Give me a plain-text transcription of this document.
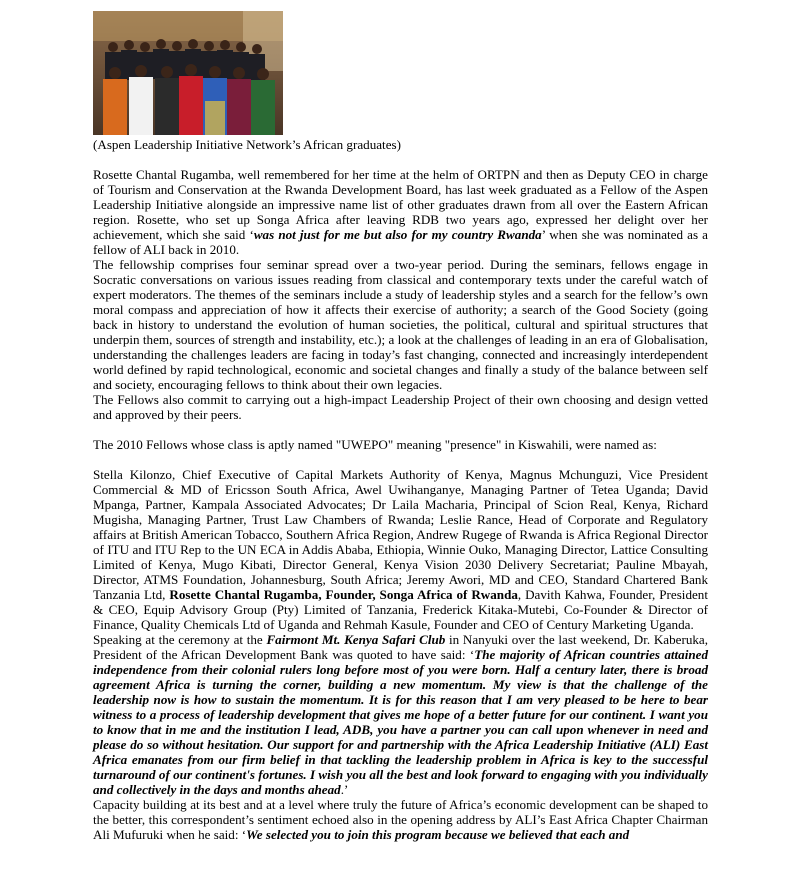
(Aspen Leadership Initiative Network’s African graduates)

Rosette Chantal Rugamba, well remembered for her time at the helm of ORTPN and then as Deputy CEO in charge of Tourism and Conservation at the Rwanda Development Board, has last week graduated as a Fellow of the Aspen Leadership Initiative alongside an impressive name list of other graduates drawn from all over the Eastern African region. Rosette, who set up Songa Africa after leaving RDB two years ago, expressed her delight over her achievement, which she said ‘was not just for me but also for my country Rwanda’ when she was nominated as a fellow of ALI back in 2010.

The fellowship comprises four seminar spread over a two-year period. During the seminars, fellows engage in Socratic conversations on various issues reading from classical and contemporary texts under the careful watch of expert moderators. The themes of the seminars include a study of leadership styles and a search for the fellow’s own moral compass and appreciation of how it affects their exercise of authority; a search of the Good Society (going back in history to understand the evolution of human societies, the political, cultural and spiritual structures that underpin them, sources of strength and instability, etc.); a look at the challenges of leading in an era of Globalisation, understanding the challenges leaders are facing in today’s fast changing, connected and increasingly interdependent world defined by rapid technological, economic and societal changes and finally a study of the balance between self and society, encouraging fellows to think about their own legacies.

The Fellows also commit to carrying out a high-impact Leadership Project of their own choosing and design vetted and approved by their peers.

The 2010 Fellows whose class is aptly named "UWEPO" meaning "presence" in Kiswahili, were named as:

Stella Kilonzo, Chief Executive of Capital Markets Authority of Kenya, Magnus Mchunguzi, Vice President Commercial & MD of Ericsson South Africa, Awel Uwihanganye, Managing Partner of Tetea Uganda; David Mpanga, Partner, Kampala Associated Advocates; Dr Laila Macharia, Principal of Scion Real, Kenya, Richard Mugisha, Managing Partner, Trust Law Chambers of Rwanda; Leslie Rance, Head of Corporate and Regulatory affairs at British American Tobacco, Southern Africa Region, Andrew Rugege of Rwanda is Africa Regional Director of ITU and ITU Rep to the UN ECA in Addis Ababa, Ethiopia, Winnie Ouko, Managing Director, Lattice Consulting Limited of Kenya, Mugo Kibati, Director General, Kenya Vision 2030 Delivery Secretariat; Pauline Mbayah, Director, ATMS Foundation, Johannesburg, South Africa; Jeremy Awori, MD and CEO, Standard Chartered Bank Tanzania Ltd, Rosette Chantal Rugamba, Founder, Songa Africa of Rwanda, Davith Kahwa, Founder, President & CEO, Equip Advisory Group (Pty) Limited of Tanzania, Frederick Kitaka-Mutebi, Co-Founder & Director of Finance, Quality Chemicals Ltd of Uganda and Rehmah Kasule, Founder and CEO of Century Marketing Uganda.

Speaking at the ceremony at the Fairmont Mt. Kenya Safari Club in Nanyuki over the last weekend, Dr. Kaberuka, President of the African Development Bank was quoted to have said: ‘The majority of African countries attained independence from their colonial rulers long before most of you were born. Half a century later, there is broad agreement Africa is turning the corner, building a new momentum. My view is that the challenge of the leadership now is how to sustain the momentum. It is for this reason that I am very pleased to be here to bear witness to a process of leadership development that gives me hope of a better future for our continent. I want you to know that in me and the institution I lead, ADB, you have a partner you can call upon whenever in need and please do so without hesitation. Our support for and partnership with the Africa Leadership Initiative (ALI) East Africa emanates from our firm belief in that tackling the leadership problem in Africa is key to the successful turnaround of our continent's fortunes. I wish you all the best and look forward to engaging with you individually and collectively in the days and months ahead.’

Capacity building at its best and at a level where truly the future of Africa’s economic development can be shaped to the better, this correspondent’s sentiment echoed also in the opening address by ALI’s East Africa Chapter Chairman Ali Mufuruki when he said: ‘We selected you to join this program because we believed that each and
